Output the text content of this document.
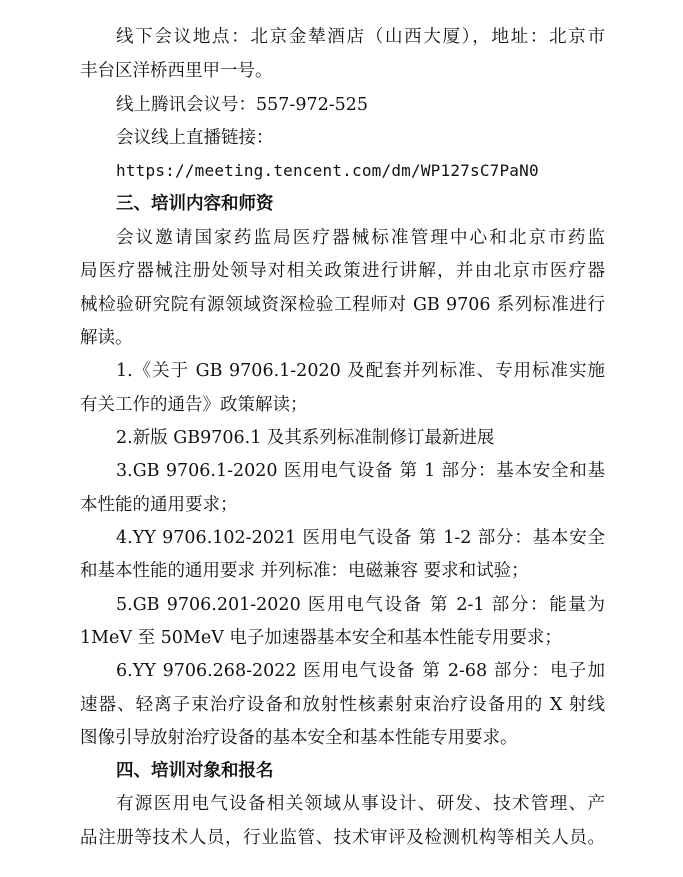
线下会议地点：北京金辇酒店（山西大厦），地址：北京市
丰台区洋桥西里甲一号。
线上腾讯会议号：557-972-525
会议线上直播链接：
https://meeting.tencent.com/dm/WP127sC7PaN0
三、培训内容和师资
会议邀请国家药监局医疗器械标准管理中心和北京市药监
局医疗器械注册处领导对相关政策进行讲解，并由北京市医疗器
械检验研究院有源领域资深检验工程师对 GB 9706 系列标准进行
解读。
1.《关于 GB 9706.1-2020 及配套并列标准、专用标准实施
有关工作的通告》政策解读；
2.新版 GB9706.1 及其系列标准制修订最新进展
3.GB 9706.1-2020 医用电气设备 第 1 部分：基本安全和基
本性能的通用要求；
4.YY 9706.102-2021 医用电气设备 第 1-2 部分：基本安全
和基本性能的通用要求 并列标准：电磁兼容 要求和试验；
5.GB 9706.201-2020 医用电气设备 第 2-1 部分：能量为
1MeV 至 50MeV 电子加速器基本安全和基本性能专用要求；
6.YY 9706.268-2022 医用电气设备 第 2-68 部分：电子加
速器、轻离子束治疗设备和放射性核素射束治疗设备用的 X 射线
图像引导放射治疗设备的基本安全和基本性能专用要求。
四、培训对象和报名
有源医用电气设备相关领域从事设计、研发、技术管理、产
品注册等技术人员，行业监管、技术审评及检测机构等相关人员。
